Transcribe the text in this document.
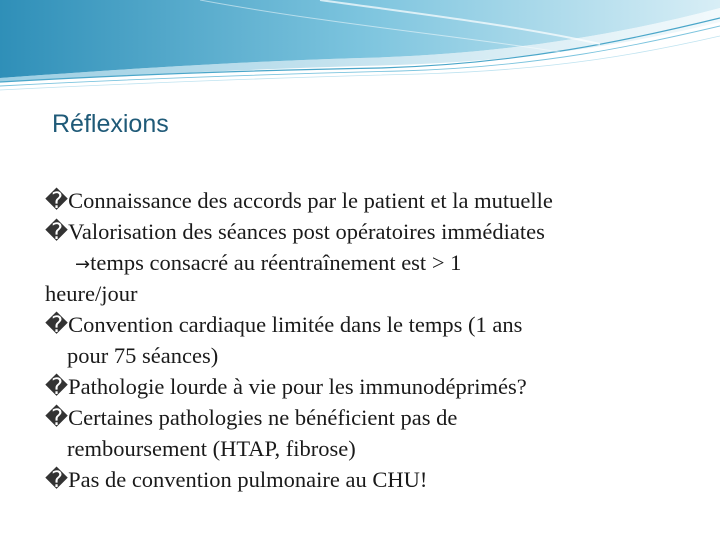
Réflexions
�Connaissance des accords par le patient et la mutuelle
�Valorisation des séances post opératoires immédiates
→temps consacré au réentraînement est > 1
heure/jour
�Convention cardiaque limitée dans le temps (1 ans
pour 75 séances)
�Pathologie lourde à vie pour les immunodéprimés?
�Certaines pathologies ne bénéficient pas de
remboursement (HTAP, fibrose)
�Pas de convention pulmonaire au CHU!
